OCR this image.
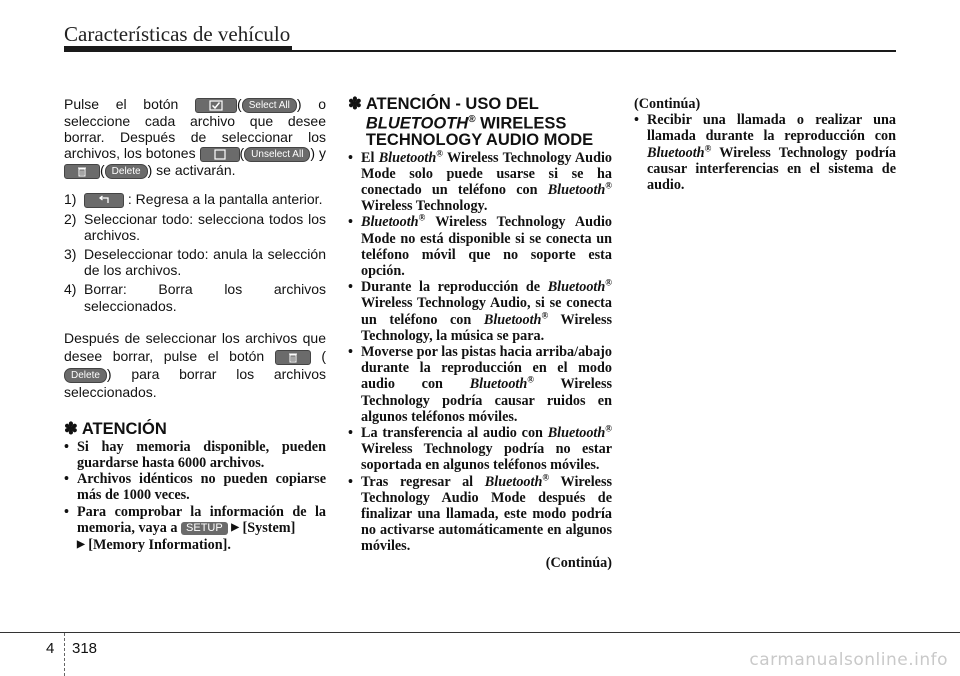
Características de vehículo

Pulse el botón	( Select All ) o seleccione cada archivo que desee borrar. Después de seleccionar los archivos, los botones	( Unselect All ) y
( Delete ) se activarán.

1)	: Regresa a la pantalla anterior.
2) Seleccionar todo: selecciona todos los archivos.
3) Deseleccionar todo: anula la selección de los archivos.
4) Borrar: Borra los archivos seleccionados.

Después de seleccionar los archivos que desee borrar, pulse el botón	(Delete ) para borrar los archivos seleccionados.

✽ ATENCIÓN
• Si hay memoria disponible, pueden guardarse hasta 6000 archivos.
• Archivos idénticos no pueden copiarse más de 1000 veces.
• Para comprobar la información de la memoria, vaya a SETUP ▶ [System]
▶ [Memory Information].
✽ ATENCIÓN - USO DEL
BLUETOOTH® WIRELESS TECHNOLOGY AUDIO MODE
• El Bluetooth® Wireless Technology Audio Mode solo puede usarse si se ha conectado un teléfono con Bluetooth® Wireless Technology.
• Bluetooth® Wireless Technology Audio Mode no está disponible si se conecta un teléfono móvil que no soporte esta opción.
• Durante la reproducción de Bluetooth® Wireless Technology Audio, si se conecta un teléfono con Bluetooth® Wireless Technology, la música se para.
• Moverse por las pistas hacia arriba/abajo durante la reproducción en el modo audio con Bluetooth® Wireless Technology podría causar ruidos en algunos teléfonos móviles.
• La transferencia al audio con Bluetooth® Wireless Technology podría no estar soportada en algunos teléfonos móviles.
• Tras regresar al Bluetooth® Wireless Technology Audio Mode después de finalizar una llamada, este modo podría no activarse automáticamente en algunos móviles.
(Continúa)
(Continúa)
• Recibir una llamada o realizar una llamada durante la reproducción con Bluetooth® Wireless Technology podría causar interferencias en el sistema de audio.
4 318
carmanualsonline.info
